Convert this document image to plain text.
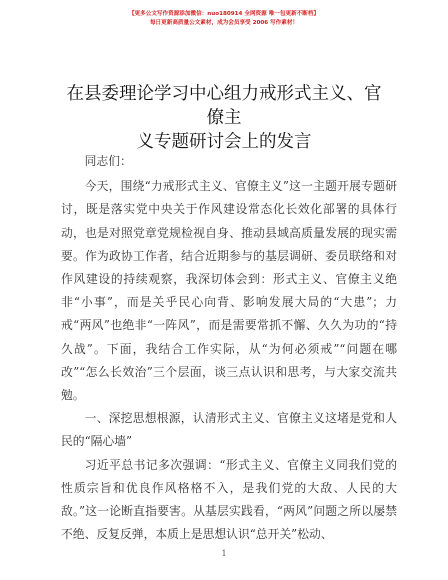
【更多公文写作资源添加微信：nuo180914 全网资源 唯一包更新不断档】
每日更新高质量公文素材，成为会员享受 2006 写作素材！
在县委理论学习中心组力戒形式主义、官僚主
义专题研讨会上的发言

同志们：

今天，围绕“力戒形式主义、官僚主义”这一主题开展专题研讨，既是落实党中央关于作风建设常态化长效化部署的具体行动，也是对照党章党规检视自身、推动县域高质量发展的现实需要。作为政协工作者，结合近期参与的基层调研、委员联络和对作风建设的持续观察，我深切体会到：形式主义、官僚主义绝非“小事”，而是关乎民心向背、影响发展大局的“大患”；力戒“两风”也绝非“一阵风”，而是需要常抓不懈、久久为功的“持久战”。下面，我结合工作实际，从“为何必须戒”“问题在哪改”“怎么长效治”三个层面，谈三点认识和思考，与大家交流共勉。

一、深挖思想根源，认清形式主义、官僚主义这堵是党和人民的“隔心墙”

习近平总书记多次强调：“形式主义、官僚主义同我们党的性质宗旨和优良作风格格不入，是我们党的大敌、人民的大敌。”这一论断直指要害。从基层实践看，“两风”问题之所以屡禁不绝、反复反弹，本质上是思想认识“总开关”松动、

1
